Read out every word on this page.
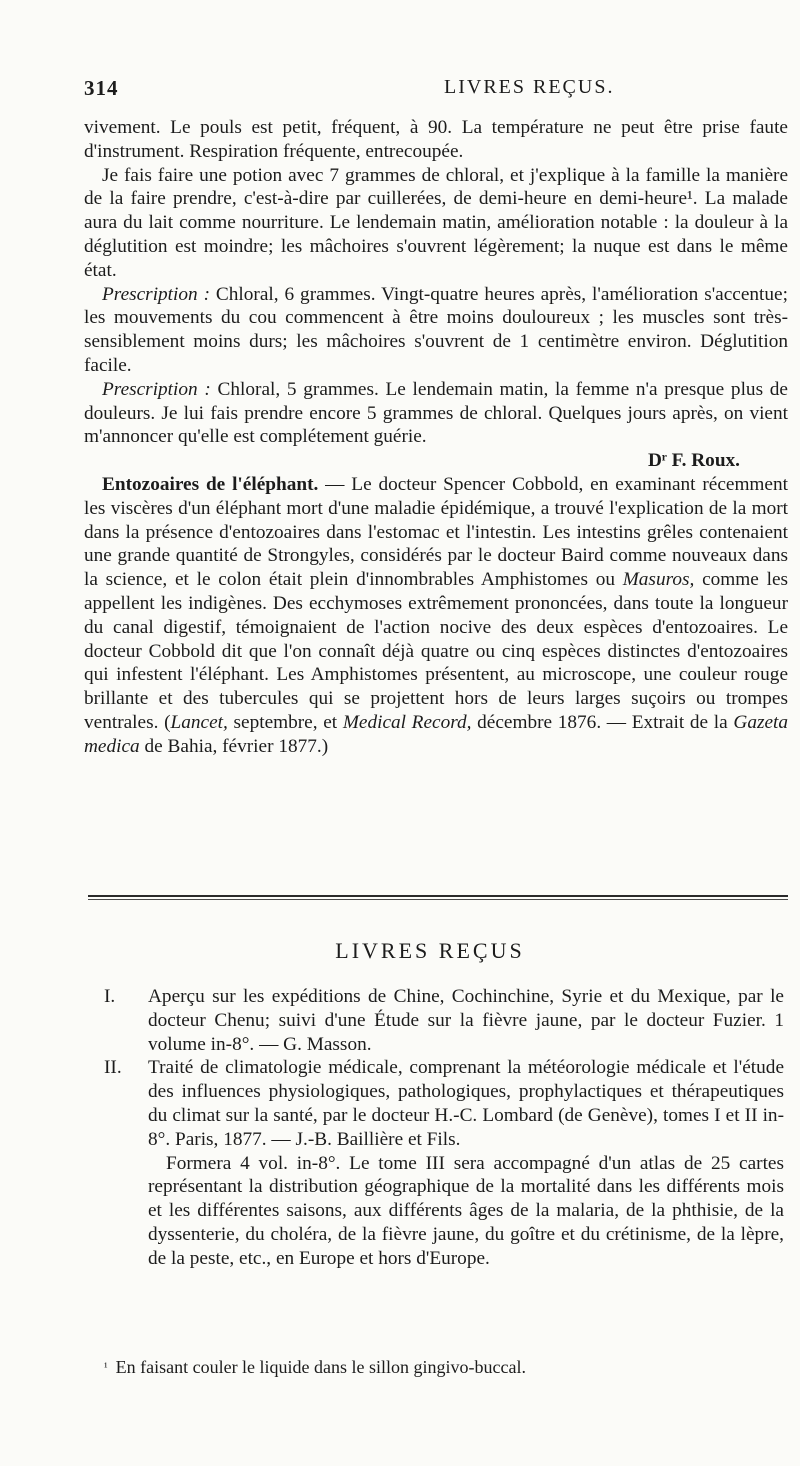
314	LIVRES REÇUS.

vivement. Le pouls est petit, fréquent, à 90. La température ne peut être prise faute d'instrument. Respiration fréquente, entrecoupée.

Je fais faire une potion avec 7 grammes de chloral, et j'explique à la famille la manière de la faire prendre, c'est-à-dire par cuillerées, de demi-heure en demi-heure¹. La malade aura du lait comme nourriture. Le lendemain matin, amélioration notable : la douleur à la déglutition est moindre; les mâchoires s'ouvrent légèrement; la nuque est dans le même état.

Prescription : Chloral, 6 grammes. Vingt-quatre heures après, l'amélioration s'accentue; les mouvements du cou commencent à être moins douloureux ; les muscles sont très-sensiblement moins durs; les mâchoires s'ouvrent de 1 centimètre environ. Déglutition facile.

Prescription : Chloral, 5 grammes. Le lendemain matin, la femme n'a presque plus de douleurs. Je lui fais prendre encore 5 grammes de chloral. Quelques jours après, on vient m'annoncer qu'elle est complétement guérie.

Dʳ F. Roux.

Entozoaires de l'éléphant. — Le docteur Spencer Cobbold, en examinant récemment les viscères d'un éléphant mort d'une maladie épidémique, a trouvé l'explication de la mort dans la présence d'entozoaires dans l'estomac et l'intestin. Les intestins grêles contenaient une grande quantité de Strongyles, considérés par le docteur Baird comme nouveaux dans la science, et le colon était plein d'innombrables Amphistomes ou Masuros, comme les appellent les indigènes. Des ecchymoses extrêmement prononcées, dans toute la longueur du canal digestif, témoignaient de l'action nocive des deux espèces d'entozoaires. Le docteur Cobbold dit que l'on connaît déjà quatre ou cinq espèces distinctes d'entozoaires qui infestent l'éléphant. Les Amphistomes présentent, au microscope, une couleur rouge brillante et des tubercules qui se projettent hors de leurs larges suçoirs ou trompes ventrales. (Lancet, septembre, et Medical Record, décembre 1876. — Extrait de la Gazeta medica de Bahia, février 1877.)

LIVRES REÇUS

I. Aperçu sur les expéditions de Chine, Cochinchine, Syrie et du Mexique, par le docteur Chenu; suivi d'une Étude sur la fièvre jaune, par le docteur Fuzier. 1 volume in-8°. — G. Masson.

II. Traité de climatologie médicale, comprenant la météorologie médicale et l'étude des influences physiologiques, pathologiques, prophylactiques et thérapeutiques du climat sur la santé, par le docteur H.-C. Lombard (de Genève), tomes I et II in-8°. Paris, 1877. — J.-B. Baillière et Fils.

Formera 4 vol. in-8°. Le tome III sera accompagné d'un atlas de 25 cartes représentant la distribution géographique de la mortalité dans les différents mois et les différentes saisons, aux différents âges de la malaria, de la phthisie, de la dyssenterie, du choléra, de la fièvre jaune, du goître et du crétinisme, de la lèpre, de la peste, etc., en Europe et hors d'Europe.

$^{^1}$ En faisant couler le liquide dans le sillon gingivo-buccal.
